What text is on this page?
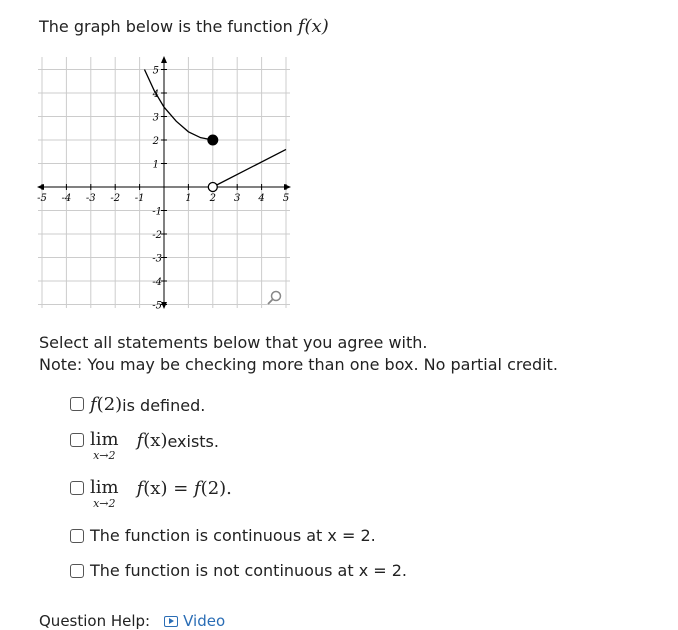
The graph below is the function f(x)
-5 -4 -3 -2 -1	1 2 3 4 5
5
4
3
2
1
-1
-2
-3
-4
-5
Select all statements below that you agree with.
Note: You may be checking more than one box. No partial credit.
f(2) is defined.
lim
x→2
f(x) exists.
lim
x→2
f(x) = f(2).
The function is continuous at x = 2.
The function is not continuous at x = 2.
Question Help: Video
